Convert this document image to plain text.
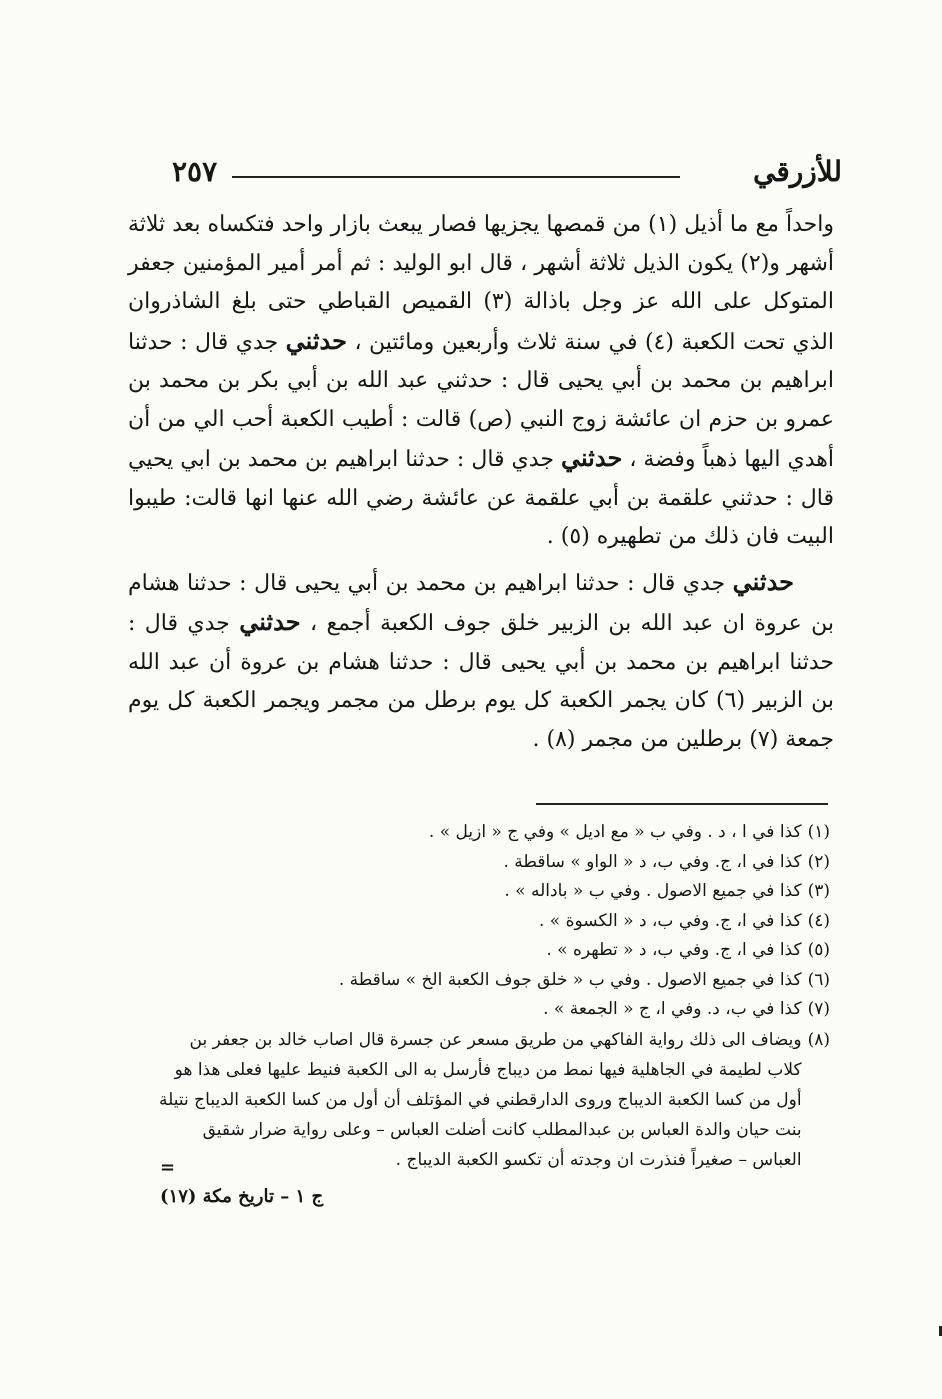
٢٥٧	للأزرقي

واحداً مع ما أذيل (١) من قمصها يجزيها فصار يبعث بازار واحد فتكساه بعد ثلاثة أشهر و(٢) يكون الذيل ثلاثة أشهر ، قال ابو الوليد : ثم أمر أمير المؤمنين جعفر المتوكل على الله عز وجل باذالة (٣) القميص القباطي حتى بلغ الشاذروان الذي تحت الكعبة (٤) في سنة ثلاث وأربعين ومائتين ، حدثني جدي قال : حدثنا ابراهيم بن محمد بن أبي يحيى قال : حدثني عبد الله بن أبي بكر بن محمد بن عمرو بن حزم ان عائشة زوج النبي (ص) قالت : أطيب الكعبة أحب الي من أن أهدي اليها ذهباً وفضة ، حدثني جدي قال : حدثنا ابراهيم بن محمد بن ابي يحيي قال : حدثني علقمة بن أبي علقمة عن عائشة رضي الله عنها انها قالت: طيبوا البيت فان ذلك من تطهيره (٥) .

حدثني جدي قال : حدثنا ابراهيم بن محمد بن أبي يحيى قال : حدثنا هشام بن عروة ان عبد الله بن الزبير خلق جوف الكعبة أجمع ، حدثني جدي قال : حدثنا ابراهيم بن محمد بن أبي يحيى قال : حدثنا هشام بن عروة أن عبد الله بن الزبير (٦) كان يجمر الكعبة كل يوم برطل من مجمر ويجمر الكعبة كل يوم جمعة (٧) برطلين من مجمر (٨) .

(١)
كذا في ا ، د . وفي ب « مع اديل » وفي ج « ازيل » .
(٢)
كذا في ا، ج. وفي ب، د « الواو » ساقطة .
(٣)
كذا في جميع الاصول . وفي ب « باداله » .
(٤)
كذا في ا، ج. وفي ب، د « الكسوة » .
(٥)
كذا في ا، ج. وفي ب، د « تطهره » .
(٦)
كذا في جميع الاصول . وفي ب « خلق جوف الكعبة الخ » ساقطة .
(٧)
كذا في ب، د. وفي ا، ج « الجمعة » .
(٨)
ويضاف الى ذلك رواية الفاكهي من طريق مسعر عن جسرة قال اصاب خالد بن جعفر بن كلاب لطيمة في الجاهلية فيها نمط من ديباج فأرسل به الى الكعبة فنيط عليها فعلى هذا هو أول من كسا الكعبة الديباج وروى الدارقطني في المؤتلف أن أول من كسا الكعبة الديباج نتيلة بنت حيان والدة العباس بن عبدالمطلب كانت أضلت العباس – وعلى رواية ضرار شقيق العباس – صغيراً فنذرت ان وجدته أن تكسو الكعبة الديباج .
=
ج ١ – تاريخ مكة (١٧)
